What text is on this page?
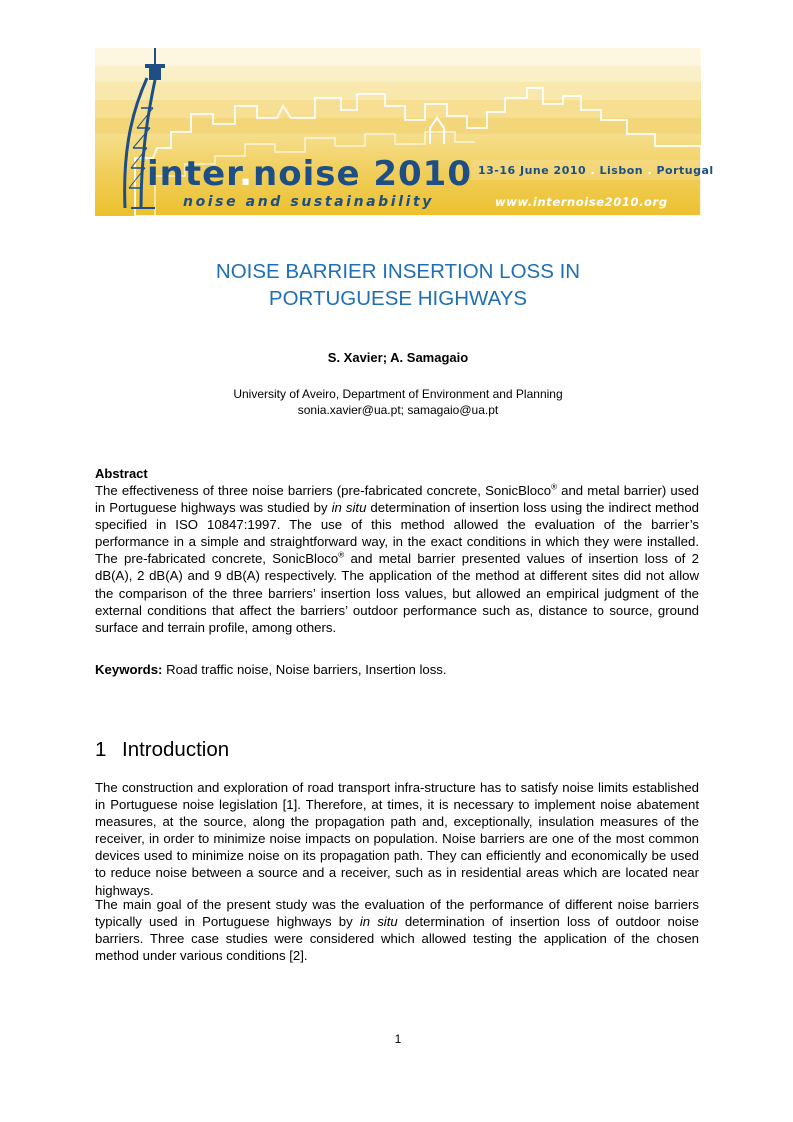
inter.noise 2010
noise and sustainability
13-16 June 2010 . Lisbon . Portugal
www.internoise2010.org
NOISE BARRIER INSERTION LOSS IN
PORTUGUESE HIGHWAYS
S. Xavier; A. Samagaio
University of Aveiro, Department of Environment and Planning
sonia.xavier@ua.pt; samagaio@ua.pt
Abstract
The effectiveness of three noise barriers (pre-fabricated concrete, SonicBloco® and metal barrier) used in Portuguese highways was studied by in situ determination of insertion loss using the indirect method specified in ISO 10847:1997. The use of this method allowed the evaluation of the barrier’s performance in a simple and straightforward way, in the exact conditions in which they were installed. The pre-fabricated concrete, SonicBloco® and metal barrier presented values of insertion loss of 2 dB(A), 2 dB(A) and 9 dB(A) respectively. The application of the method at different sites did not allow the comparison of the three barriers’ insertion loss values, but allowed an empirical judgment of the external conditions that affect the barriers’ outdoor performance such as, distance to source, ground surface and terrain profile, among others.
Keywords: Road traffic noise, Noise barriers, Insertion loss.
1 Introduction
The construction and exploration of road transport infra-structure has to satisfy noise limits established in Portuguese noise legislation [1]. Therefore, at times, it is necessary to implement noise abatement measures, at the source, along the propagation path and, exceptionally, insulation measures of the receiver, in order to minimize noise impacts on population. Noise barriers are one of the most common devices used to minimize noise on its propagation path. They can efficiently and economically be used to reduce noise between a source and a receiver, such as in residential areas which are located near highways.
The main goal of the present study was the evaluation of the performance of different noise barriers typically used in Portuguese highways by in situ determination of insertion loss of outdoor noise barriers. Three case studies were considered which allowed testing the application of the chosen method under various conditions [2].
1
